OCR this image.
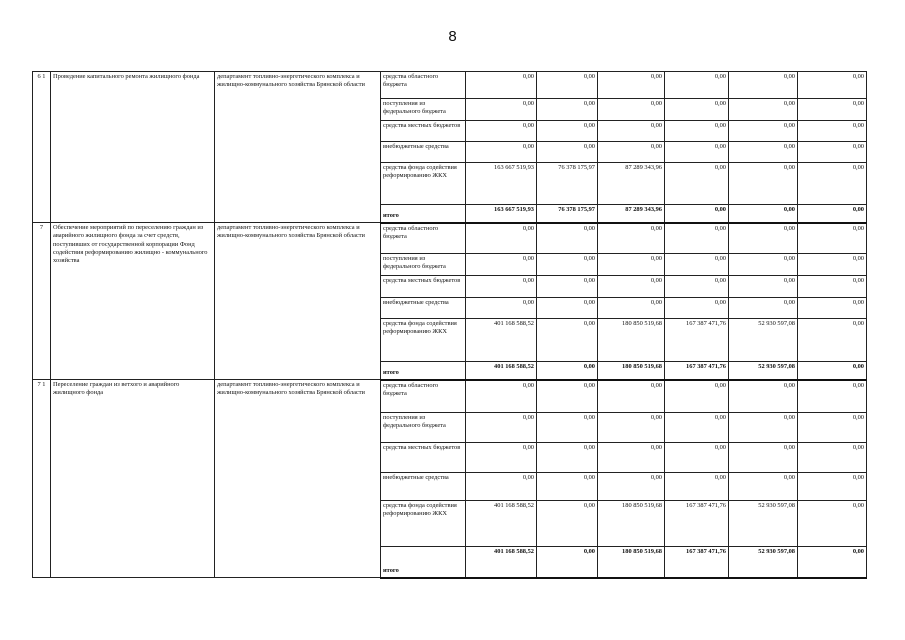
8
6 1	Проведение капитального ремонта жилищного фонда	департамент топливно-энергетического комплекса и жилищно-коммунального хозяйства Брянской области	средства областного бюджета	0,00	0,00	0,00	0,00	0,00	0,00
			поступления из федерального бюджета	0,00	0,00	0,00	0,00	0,00	0,00
			средства местных бюджетов	0,00	0,00	0,00	0,00	0,00	0,00
			внебюджетные средства	0,00	0,00	0,00	0,00	0,00	0,00
			средства фонда содействия реформированию ЖКХ	163 667 519,93	76 378 175,97	87 289 343,96	0,00	0,00	0,00
			итого	163 667 519,93	76 378 175,97	87 289 343,96	0,00	0,00	0,00
7	Обеспечение мероприятий по переселению граждан из аварийного жилищного фонда за счет средств, поступивших от государственной корпорации Фонд содействия реформированию жилищно - коммунального хозяйства	департамент топливно-энергетического комплекса и жилищно-коммунального хозяйства Брянской области	средства областного бюджета	0,00	0,00	0,00	0,00	0,00	0,00
			поступления из федерального бюджета	0,00	0,00	0,00	0,00	0,00	0,00
			средства местных бюджетов	0,00	0,00	0,00	0,00	0,00	0,00
			внебюджетные средства	0,00	0,00	0,00	0,00	0,00	0,00
			средства фонда содействия реформированию ЖКХ	401 168 588,52	0,00	180 850 519,68	167 387 471,76	52 930 597,08	0,00
			итого	401 168 588,52	0,00	180 850 519,68	167 387 471,76	52 930 597,08	0,00
7 1	Переселение граждан из ветхого и аварийного жилищного фонда	департамент топливно-энергетического комплекса и жилищно-коммунального хозяйства Брянской области	средства областного бюджета	0,00	0,00	0,00	0,00	0,00	0,00
			поступления из федерального бюджета	0,00	0,00	0,00	0,00	0,00	0,00
			средства местных бюджетов	0,00	0,00	0,00	0,00	0,00	0,00
			внебюджетные средства	0,00	0,00	0,00	0,00	0,00	0,00
			средства фонда содействия реформированию ЖКХ	401 168 588,52	0,00	180 850 519,68	167 387 471,76	52 930 597,08	0,00
			итого	401 168 588,52	0,00	180 850 519,68	167 387 471,76	52 930 597,08	0,00
